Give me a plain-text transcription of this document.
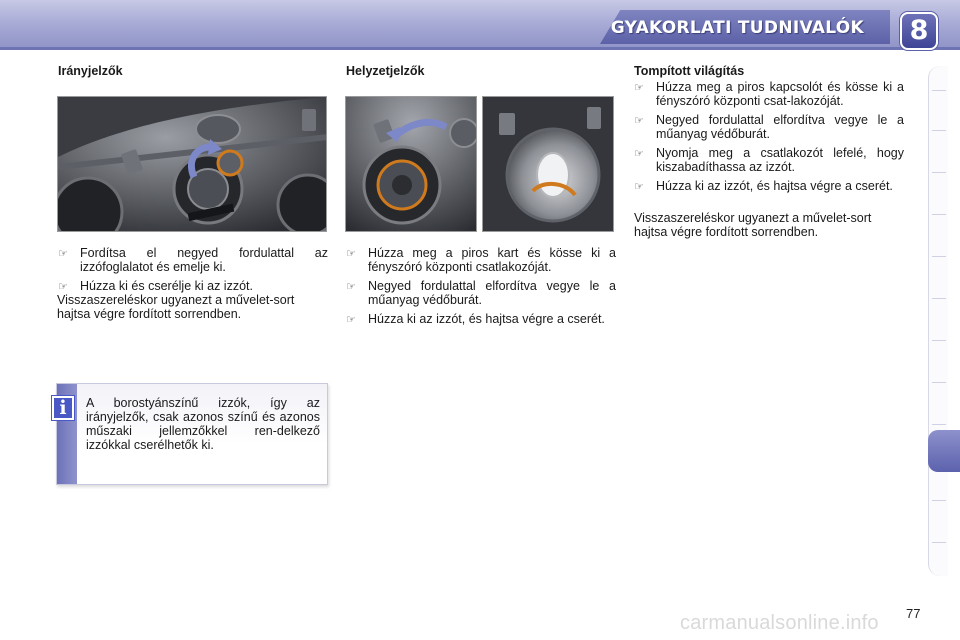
GYAKORLATI TUDNIVALÓK	8
Irányjelzők
☞ Fordítsa el negyed fordulattal az izzófoglalatot és emelje ki.
☞ Húzza ki és cserélje ki az izzót.
Visszaszereléskor ugyanezt a művelet-sort hajtsa végre fordított sorrendben.
Helyzetjelzők
☞ Húzza meg a piros kart és kösse ki a fényszóró központi csatlakozóját.
☞ Negyed fordulattal elfordítva vegye le a műanyag védőburát.
☞ Húzza ki az izzót, és hajtsa végre a cserét.
Tompított világítás
☞ Húzza meg a piros kapcsolót és kösse ki a fényszóró központi csat-lakozóját.
☞ Negyed fordulattal elfordítva vegye le a műanyag védőburát.
☞ Nyomja meg a csatlakozót lefelé, hogy kiszabadíthassa az izzót.
☞ Húzza ki az izzót, és hajtsa végre a cserét.
Visszaszereléskor ugyanezt a művelet-sort hajtsa végre fordított sorrendben.
i	A borostyánszínű izzók, így az irányjelzők, csak azonos színű és azonos műszaki jellemzőkkel ren-delkező izzókkal cserélhetők ki.
carmanualsonline.info 77
